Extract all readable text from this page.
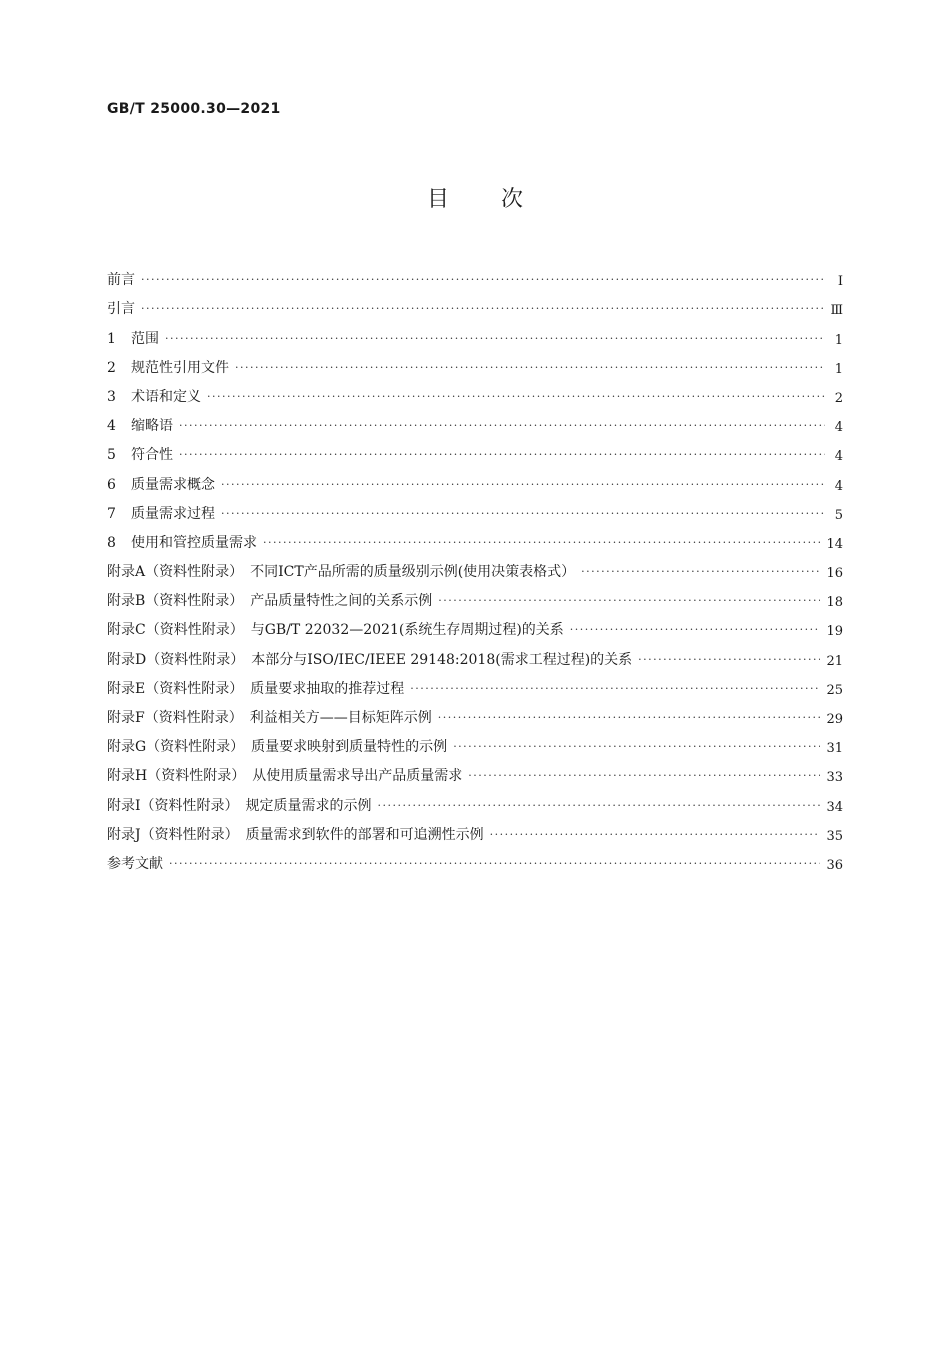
GB/T 25000.30—2021
目次
前言 ·····	Ⅰ
引言 ·····	Ⅲ
1 范围 ·····	1
2 规范性引用文件 ·····	1
3 术语和定义 ·····	2
4 缩略语 ·····	4
5 符合性 ·····	4
6 质量需求概念 ·····	4
7 质量需求过程 ·····	5
8 使用和管控质量需求 ·····	14
附录A（资料性附录）　不同ICT产品所需的质量级别示例(使用决策表格式） ·····	16
附录B（资料性附录）　产品质量特性之间的关系示例 ·····	18
附录C（资料性附录）　与GB/T 22032—2021(系统生存周期过程)的关系 ·····	19
附录D（资料性附录）　本部分与ISO/IEC/IEEE 29148:2018(需求工程过程)的关系 ·····	21
附录E（资料性附录）　质量要求抽取的推荐过程 ·····	25
附录F（资料性附录）　利益相关方——目标矩阵示例 ·····	29
附录G（资料性附录）　质量要求映射到质量特性的示例 ·····	31
附录H（资料性附录）　从使用质量需求导出产品质量需求 ·····	33
附录I（资料性附录）　规定质量需求的示例 ·····	34
附录J（资料性附录）　质量需求到软件的部署和可追溯性示例 ·····	35
参考文献 ·····	36
